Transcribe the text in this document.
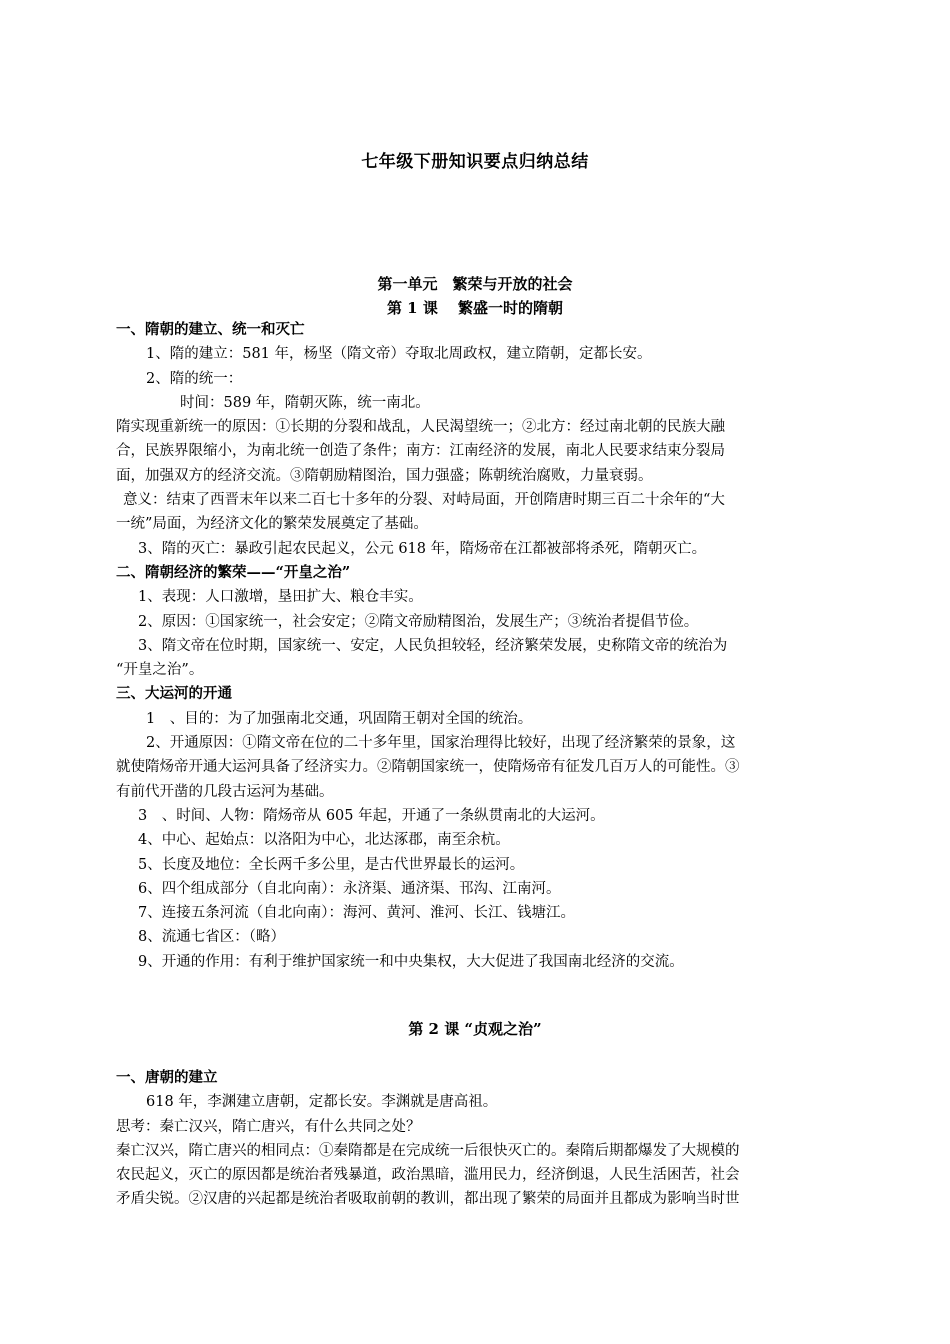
七年级下册知识要点归纳总结
第一单元　繁荣与开放的社会
第 1 课　 繁盛一时的隋朝
一、隋朝的建立、统一和灭亡
1、隋的建立：581 年，杨坚（隋文帝）夺取北周政权，建立隋朝，定都长安。
2、隋的统一：
时间：589 年，隋朝灭陈，统一南北。
隋实现重新统一的原因：①长期的分裂和战乱，人民渴望统一；②北方：经过南北朝的民族大融
合，民族界限缩小，为南北统一创造了条件；南方：江南经济的发展，南北人民要求结束分裂局
面，加强双方的经济交流。③隋朝励精图治，国力强盛；陈朝统治腐败，力量衰弱。
意义：结束了西晋末年以来二百七十多年的分裂、对峙局面，开创隋唐时期三百二十余年的“大
一统”局面，为经济文化的繁荣发展奠定了基础。
3、隋的灭亡：暴政引起农民起义，公元 618 年，隋炀帝在江都被部将杀死，隋朝灭亡。
二、隋朝经济的繁荣——“开皇之治”
1、表现：人口激增，垦田扩大、粮仓丰实。
2、原因：①国家统一，社会安定；②隋文帝励精图治，发展生产；③统治者提倡节俭。
3、隋文帝在位时期，国家统一、安定，人民负担较轻，经济繁荣发展，史称隋文帝的统治为
“开皇之治”。
三、大运河的开通
1　、目的：为了加强南北交通，巩固隋王朝对全国的统治。
2、开通原因：①隋文帝在位的二十多年里，国家治理得比较好，出现了经济繁荣的景象，这
就使隋炀帝开通大运河具备了经济实力。②隋朝国家统一，使隋炀帝有征发几百万人的可能性。③
有前代开凿的几段古运河为基础。
3　、时间、人物：隋炀帝从 605 年起，开通了一条纵贯南北的大运河。
4、中心、起始点：以洛阳为中心，北达涿郡，南至余杭。
5、长度及地位：全长两千多公里，是古代世界最长的运河。
6、四个组成部分（自北向南）：永济渠、通济渠、邗沟、江南河。
7、连接五条河流（自北向南）：海河、黄河、淮河、长江、钱塘江。
8、流通七省区：（略）
9、开通的作用：有利于维护国家统一和中央集权，大大促进了我国南北经济的交流。
第 2 课 “贞观之治”
一、唐朝的建立
618 年，李渊建立唐朝，定都长安。李渊就是唐高祖。
思考：秦亡汉兴，隋亡唐兴，有什么共同之处？
秦亡汉兴，隋亡唐兴的相同点：①秦隋都是在完成统一后很快灭亡的。秦隋后期都爆发了大规模的
农民起义，灭亡的原因都是统治者残暴道，政治黑暗，滥用民力，经济倒退，人民生活困苦，社会
矛盾尖锐。②汉唐的兴起都是统治者吸取前朝的教训，都出现了繁荣的局面并且都成为影响当时世
